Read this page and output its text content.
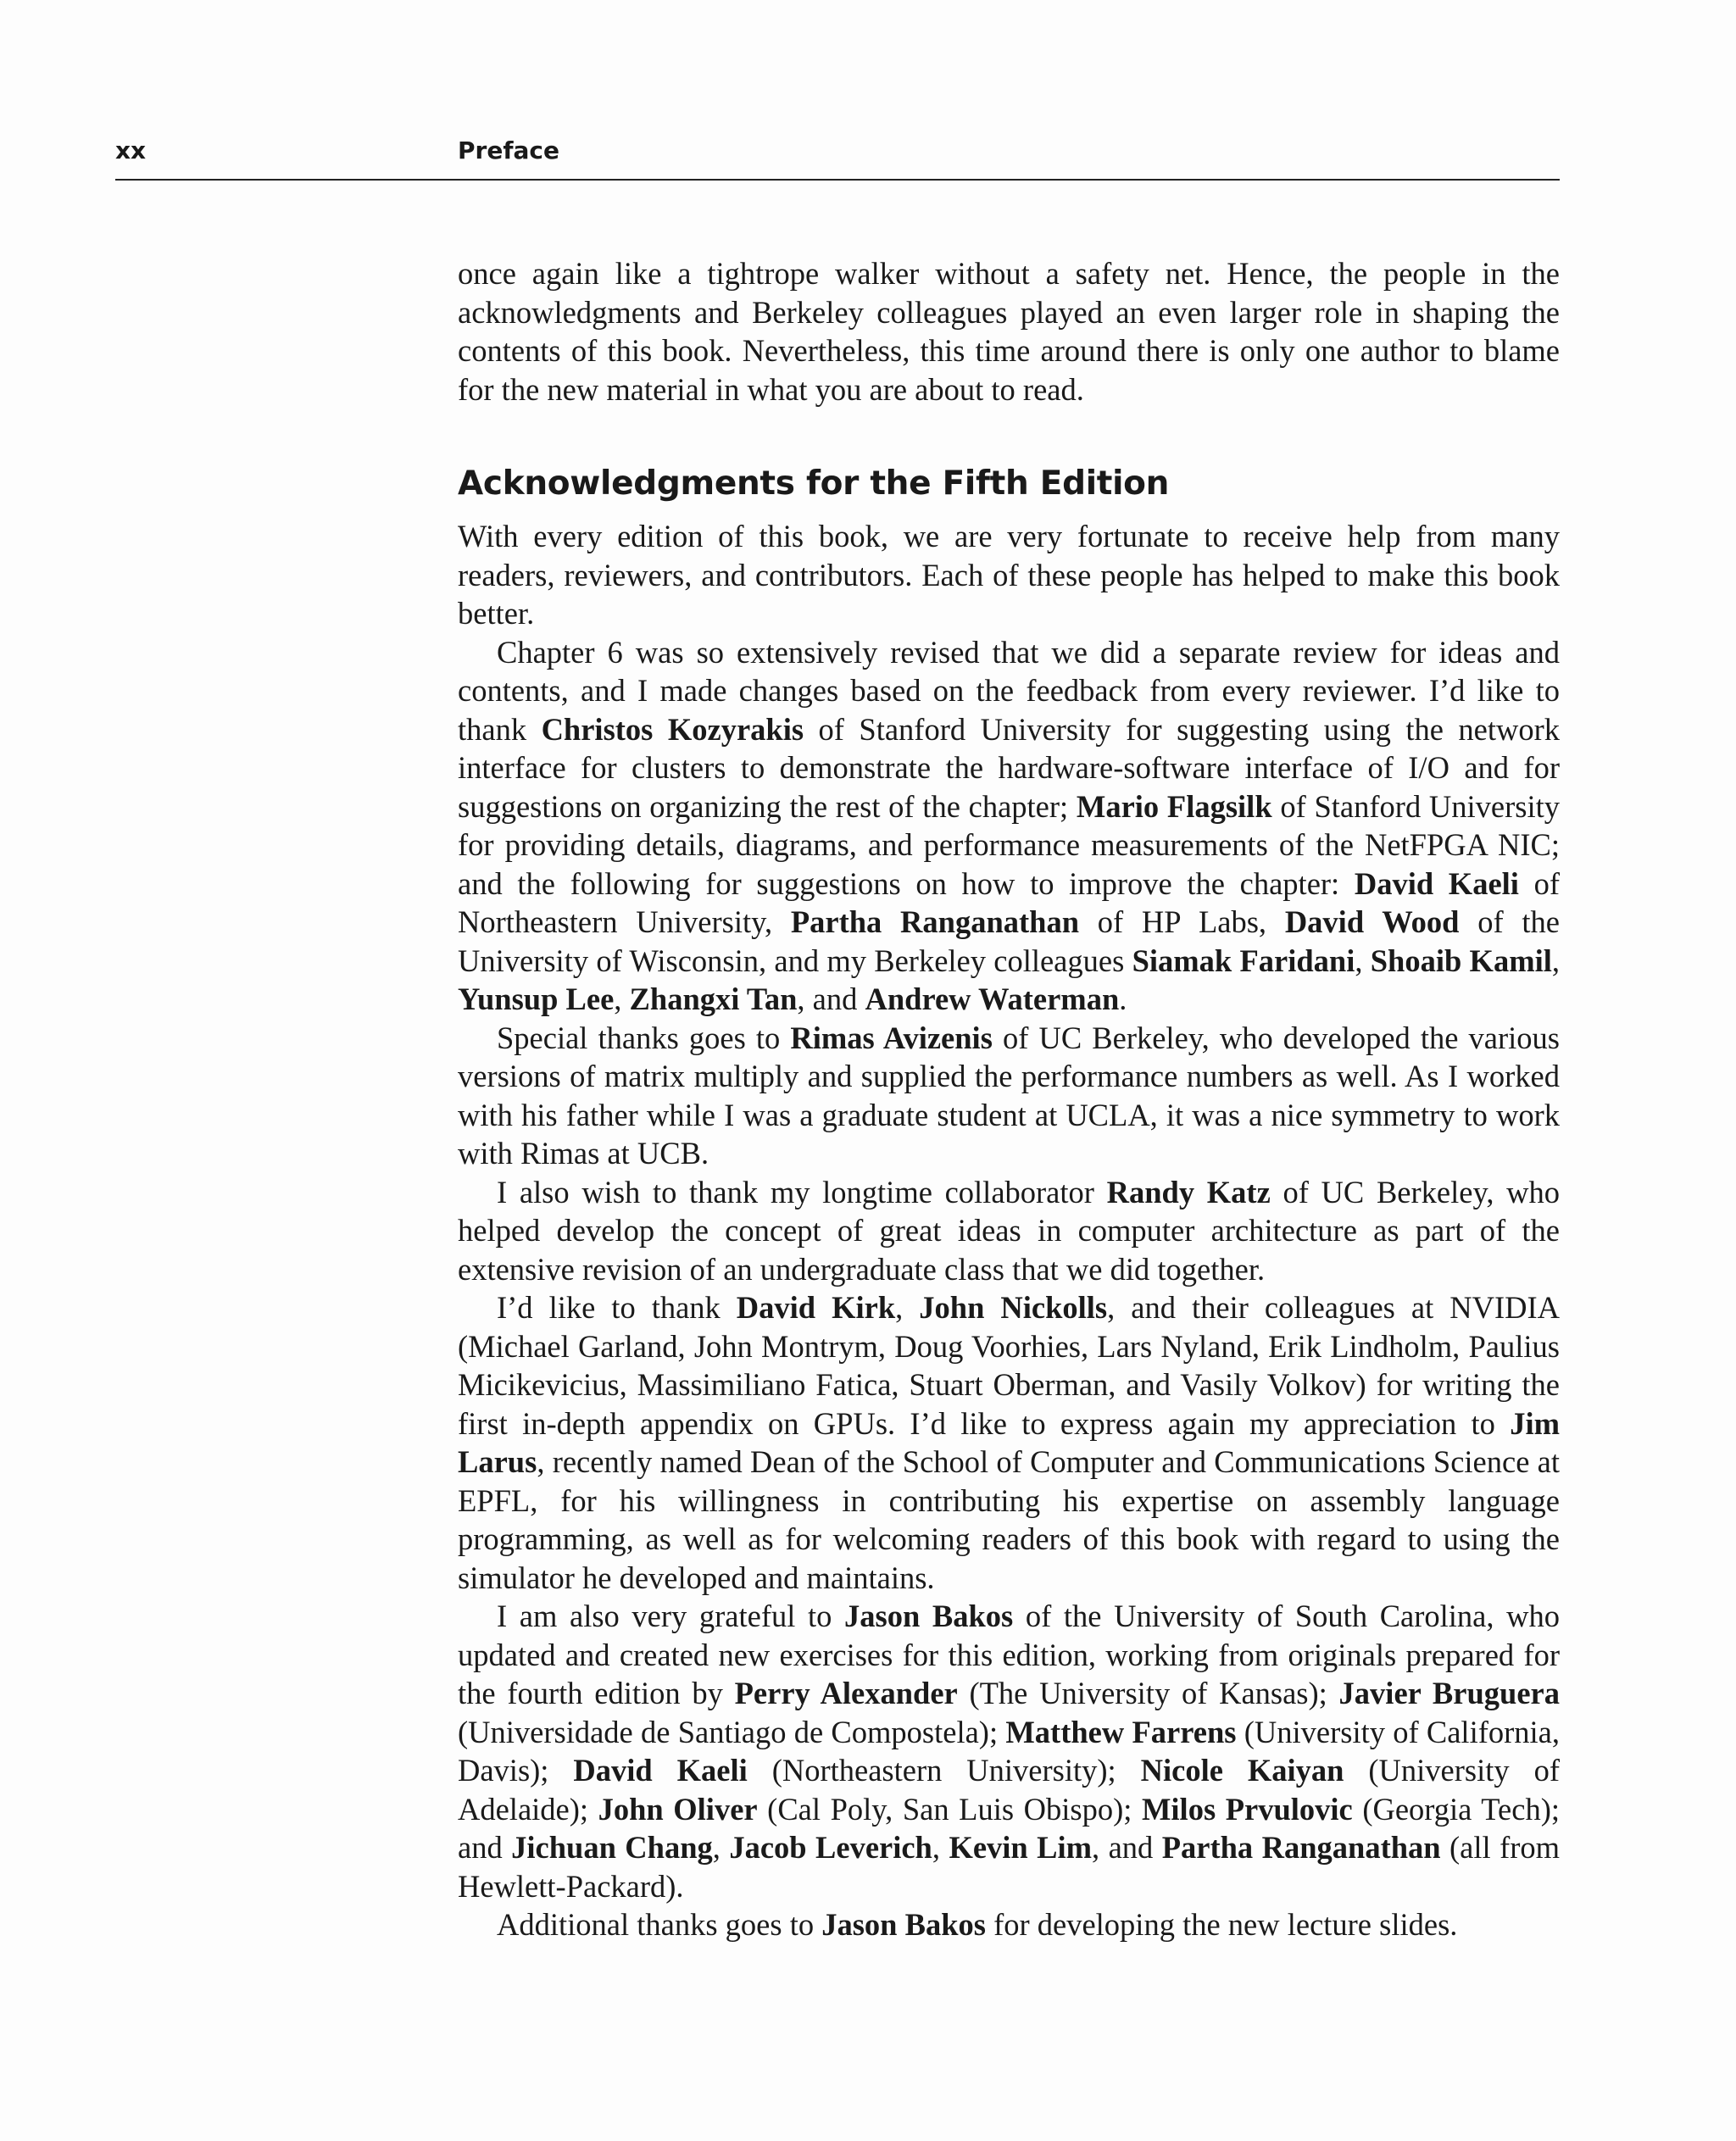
xx	Preface

once again like a tightrope walker without a safety net. Hence, the people in the acknowledgments and Berkeley colleagues played an even larger role in shaping the contents of this book. Nevertheless, this time around there is only one author to blame for the new material in what you are about to read.

Acknowledgments for the Fifth Edition

With every edition of this book, we are very fortunate to receive help from many readers, reviewers, and contributors. Each of these people has helped to make this book better.

Chapter 6 was so extensively revised that we did a separate review for ideas and contents, and I made changes based on the feedback from every reviewer. I’d like to thank Christos Kozyrakis of Stanford University for suggesting using the network interface for clusters to demonstrate the hardware-software interface of I/O and for suggestions on organizing the rest of the chapter; Mario Flagsilk of Stanford University for providing details, diagrams, and performance measurements of the NetFPGA NIC; and the following for suggestions on how to improve the chapter: David Kaeli of Northeastern University, Partha Ranganathan of HP Labs, David Wood of the University of Wisconsin, and my Berkeley colleagues Siamak Faridani, Shoaib Kamil, Yunsup Lee, Zhangxi Tan, and Andrew Waterman.

Special thanks goes to Rimas Avizenis of UC Berkeley, who developed the various versions of matrix multiply and supplied the performance numbers as well. As I worked with his father while I was a graduate student at UCLA, it was a nice symmetry to work with Rimas at UCB.

I also wish to thank my longtime collaborator Randy Katz of UC Berkeley, who helped develop the concept of great ideas in computer architecture as part of the extensive revision of an undergraduate class that we did together.

I’d like to thank David Kirk, John Nickolls, and their colleagues at NVIDIA (Michael Garland, John Montrym, Doug Voorhies, Lars Nyland, Erik Lindholm, Paulius Micikevicius, Massimiliano Fatica, Stuart Oberman, and Vasily Volkov) for writing the first in-depth appendix on GPUs. I’d like to express again my appreciation to Jim Larus, recently named Dean of the School of Computer and Communications Science at EPFL, for his willingness in contributing his expertise on assembly language programming, as well as for welcoming readers of this book with regard to using the simulator he developed and maintains.

I am also very grateful to Jason Bakos of the University of South Carolina, who updated and created new exercises for this edition, working from originals prepared for the fourth edition by Perry Alexander (The University of Kansas); Javier Bruguera (Universidade de Santiago de Compostela); Matthew Farrens (University of California, Davis); David Kaeli (Northeastern University); Nicole Kaiyan (University of Adelaide); John Oliver (Cal Poly, San Luis Obispo); Milos Prvulovic (Georgia Tech); and Jichuan Chang, Jacob Leverich, Kevin Lim, and Partha Ranganathan (all from Hewlett-Packard).

Additional thanks goes to Jason Bakos for developing the new lecture slides.
